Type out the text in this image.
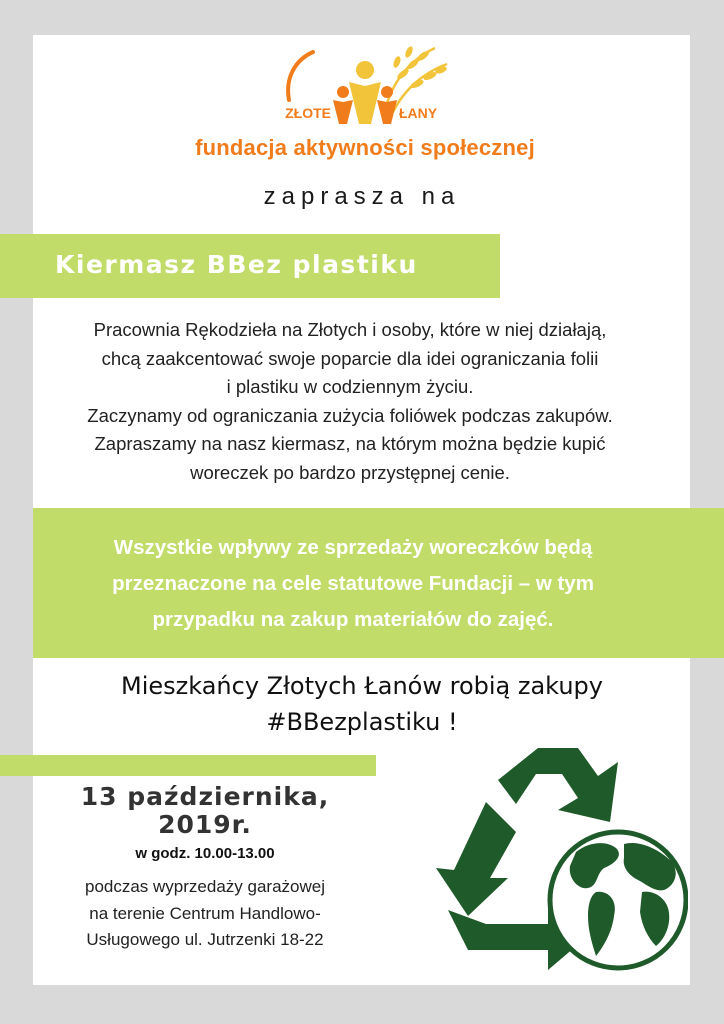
ZŁOTE	ŁANY
fundacja aktywności społecznej
zaprasza na
Kiermasz BBez plastiku
Pracownia Rękodzieła na Złotych i osoby, które w niej działają,
chcą zaakcentować swoje poparcie dla idei ograniczania folii
i plastiku w codziennym życiu.
Zaczynamy od ograniczania zużycia foliówek podczas zakupów.
Zapraszamy na nasz kiermasz, na którym można będzie kupić
woreczek po bardzo przystępnej cenie.
Wszystkie wpływy ze sprzedaży woreczków będą
przeznaczone na cele statutowe Fundacji – w tym
przypadku na zakup materiałów do zajęć.
Mieszkańcy Złotych Łanów robią zakupy
#BBezplastiku !
13 października,
2019r.
w godz. 10.00-13.00
podczas wyprzedaży garażowej
na terenie Centrum Handlowo-
Usługowego ul. Jutrzenki 18-22
